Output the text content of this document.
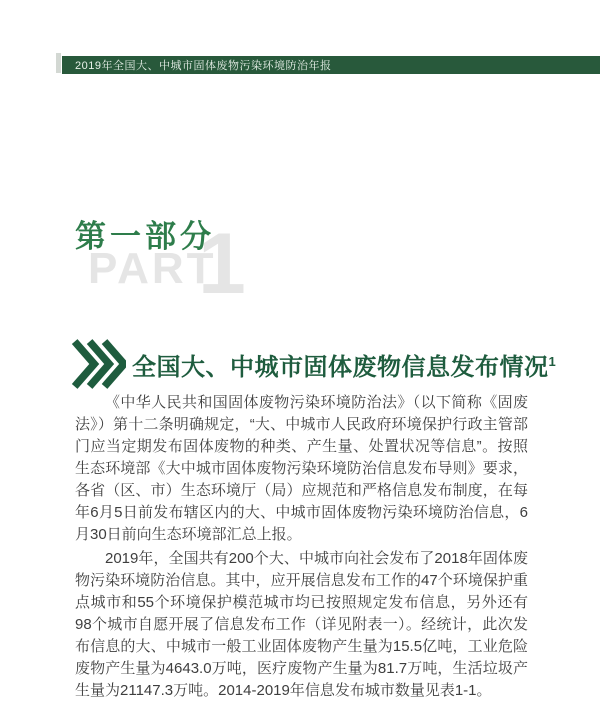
2019年全国大、中城市固体废物污染环境防治年报
第一部分
PART
1
全国大、中城市固体废物信息发布情况$^1$

《中华人民共和国固体废物污染环境防治法》（以下简称《固废法》）第十二条明确规定，“大、中城市人民政府环境保护行政主管部门应当定期发布固体废物的种类、产生量、处置状况等信息”。按照生态环境部《大中城市固体废物污染环境防治信息发布导则》要求，各省（区、市）生态环境厅（局）应规范和严格信息发布制度，在每年6月5日前发布辖区内的大、中城市固体废物污染环境防治信息，6月30日前向生态环境部汇总上报。

2019年，全国共有200个大、中城市向社会发布了2018年固体废物污染环境防治信息。其中，应开展信息发布工作的47个环境保护重点城市和55个环境保护模范城市均已按照规定发布信息，另外还有98个城市自愿开展了信息发布工作（详见附表一）。经统计，此次发布信息的大、中城市一般工业固体废物产生量为15.5亿吨，工业危险废物产生量为4643.0万吨，医疗废物产生量为81.7万吨，生活垃圾产生量为21147.3万吨。2014-2019年信息发布城市数量见表1-1。
